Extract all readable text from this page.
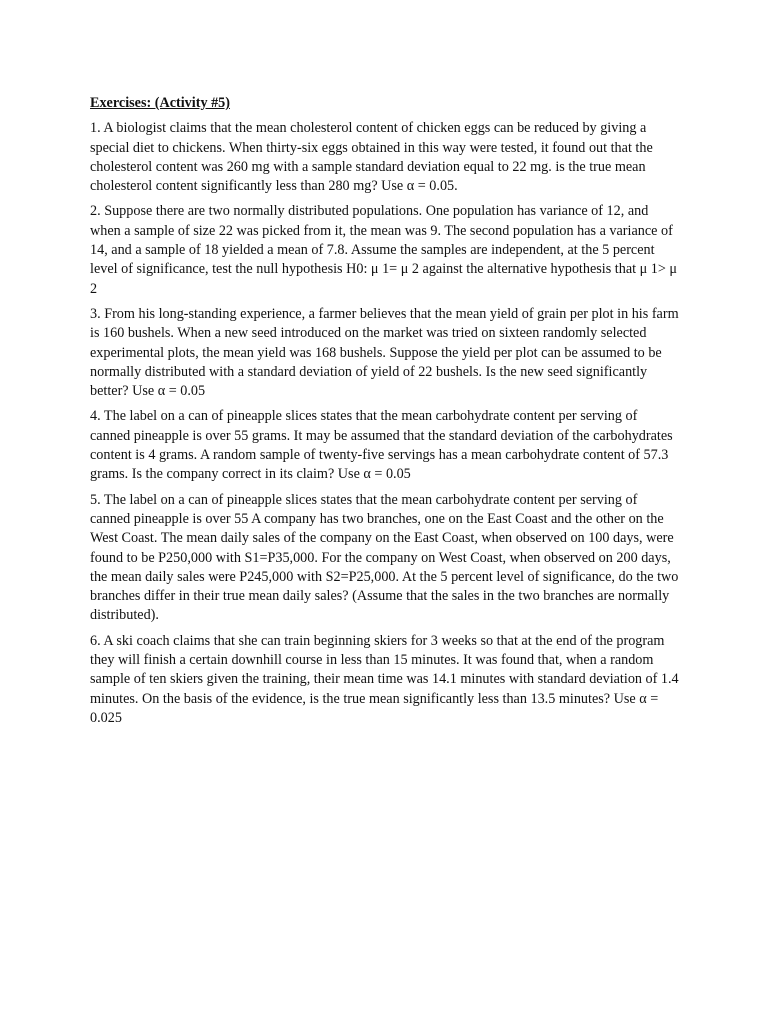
Exercises: (Activity #5)

1. A biologist claims that the mean cholesterol content of chicken eggs can be reduced by giving a special diet to chickens. When thirty-six eggs obtained in this way were tested, it found out that the cholesterol content was 260 mg with a sample standard deviation equal to 22 mg. is the true mean cholesterol content significantly less than 280 mg? Use α = 0.05.

2. Suppose there are two normally distributed populations. One population has variance of 12, and when a sample of size 22 was picked from it, the mean was 9. The second population has a variance of 14, and a sample of 18 yielded a mean of 7.8. Assume the samples are independent, at the 5 percent level of significance, test the null hypothesis H0: μ 1= μ 2 against the alternative hypothesis that μ 1> μ 2

3. From his long-standing experience, a farmer believes that the mean yield of grain per plot in his farm is 160 bushels. When a new seed introduced on the market was tried on sixteen randomly selected experimental plots, the mean yield was 168 bushels. Suppose the yield per plot can be assumed to be normally distributed with a standard deviation of yield of 22 bushels. Is the new seed significantly better? Use α = 0.05

4. The label on a can of pineapple slices states that the mean carbohydrate content per serving of canned pineapple is over 55 grams. It may be assumed that the standard deviation of the carbohydrates content is 4 grams. A random sample of twenty-five servings has a mean carbohydrate content of 57.3 grams. Is the company correct in its claim? Use α = 0.05

5. The label on a can of pineapple slices states that the mean carbohydrate content per serving of canned pineapple is over 55 A company has two branches, one on the East Coast and the other on the West Coast. The mean daily sales of the company on the East Coast, when observed on 100 days, were found to be P250,000 with S1=P35,000. For the company on West Coast, when observed on 200 days, the mean daily sales were P245,000 with S2=P25,000. At the 5 percent level of significance, do the two branches differ in their true mean daily sales? (Assume that the sales in the two branches are normally distributed).

6. A ski coach claims that she can train beginning skiers for 3 weeks so that at the end of the program they will finish a certain downhill course in less than 15 minutes. It was found that, when a random sample of ten skiers given the training, their mean time was 14.1 minutes with standard deviation of 1.4 minutes. On the basis of the evidence, is the true mean significantly less than 13.5 minutes? Use α = 0.025
